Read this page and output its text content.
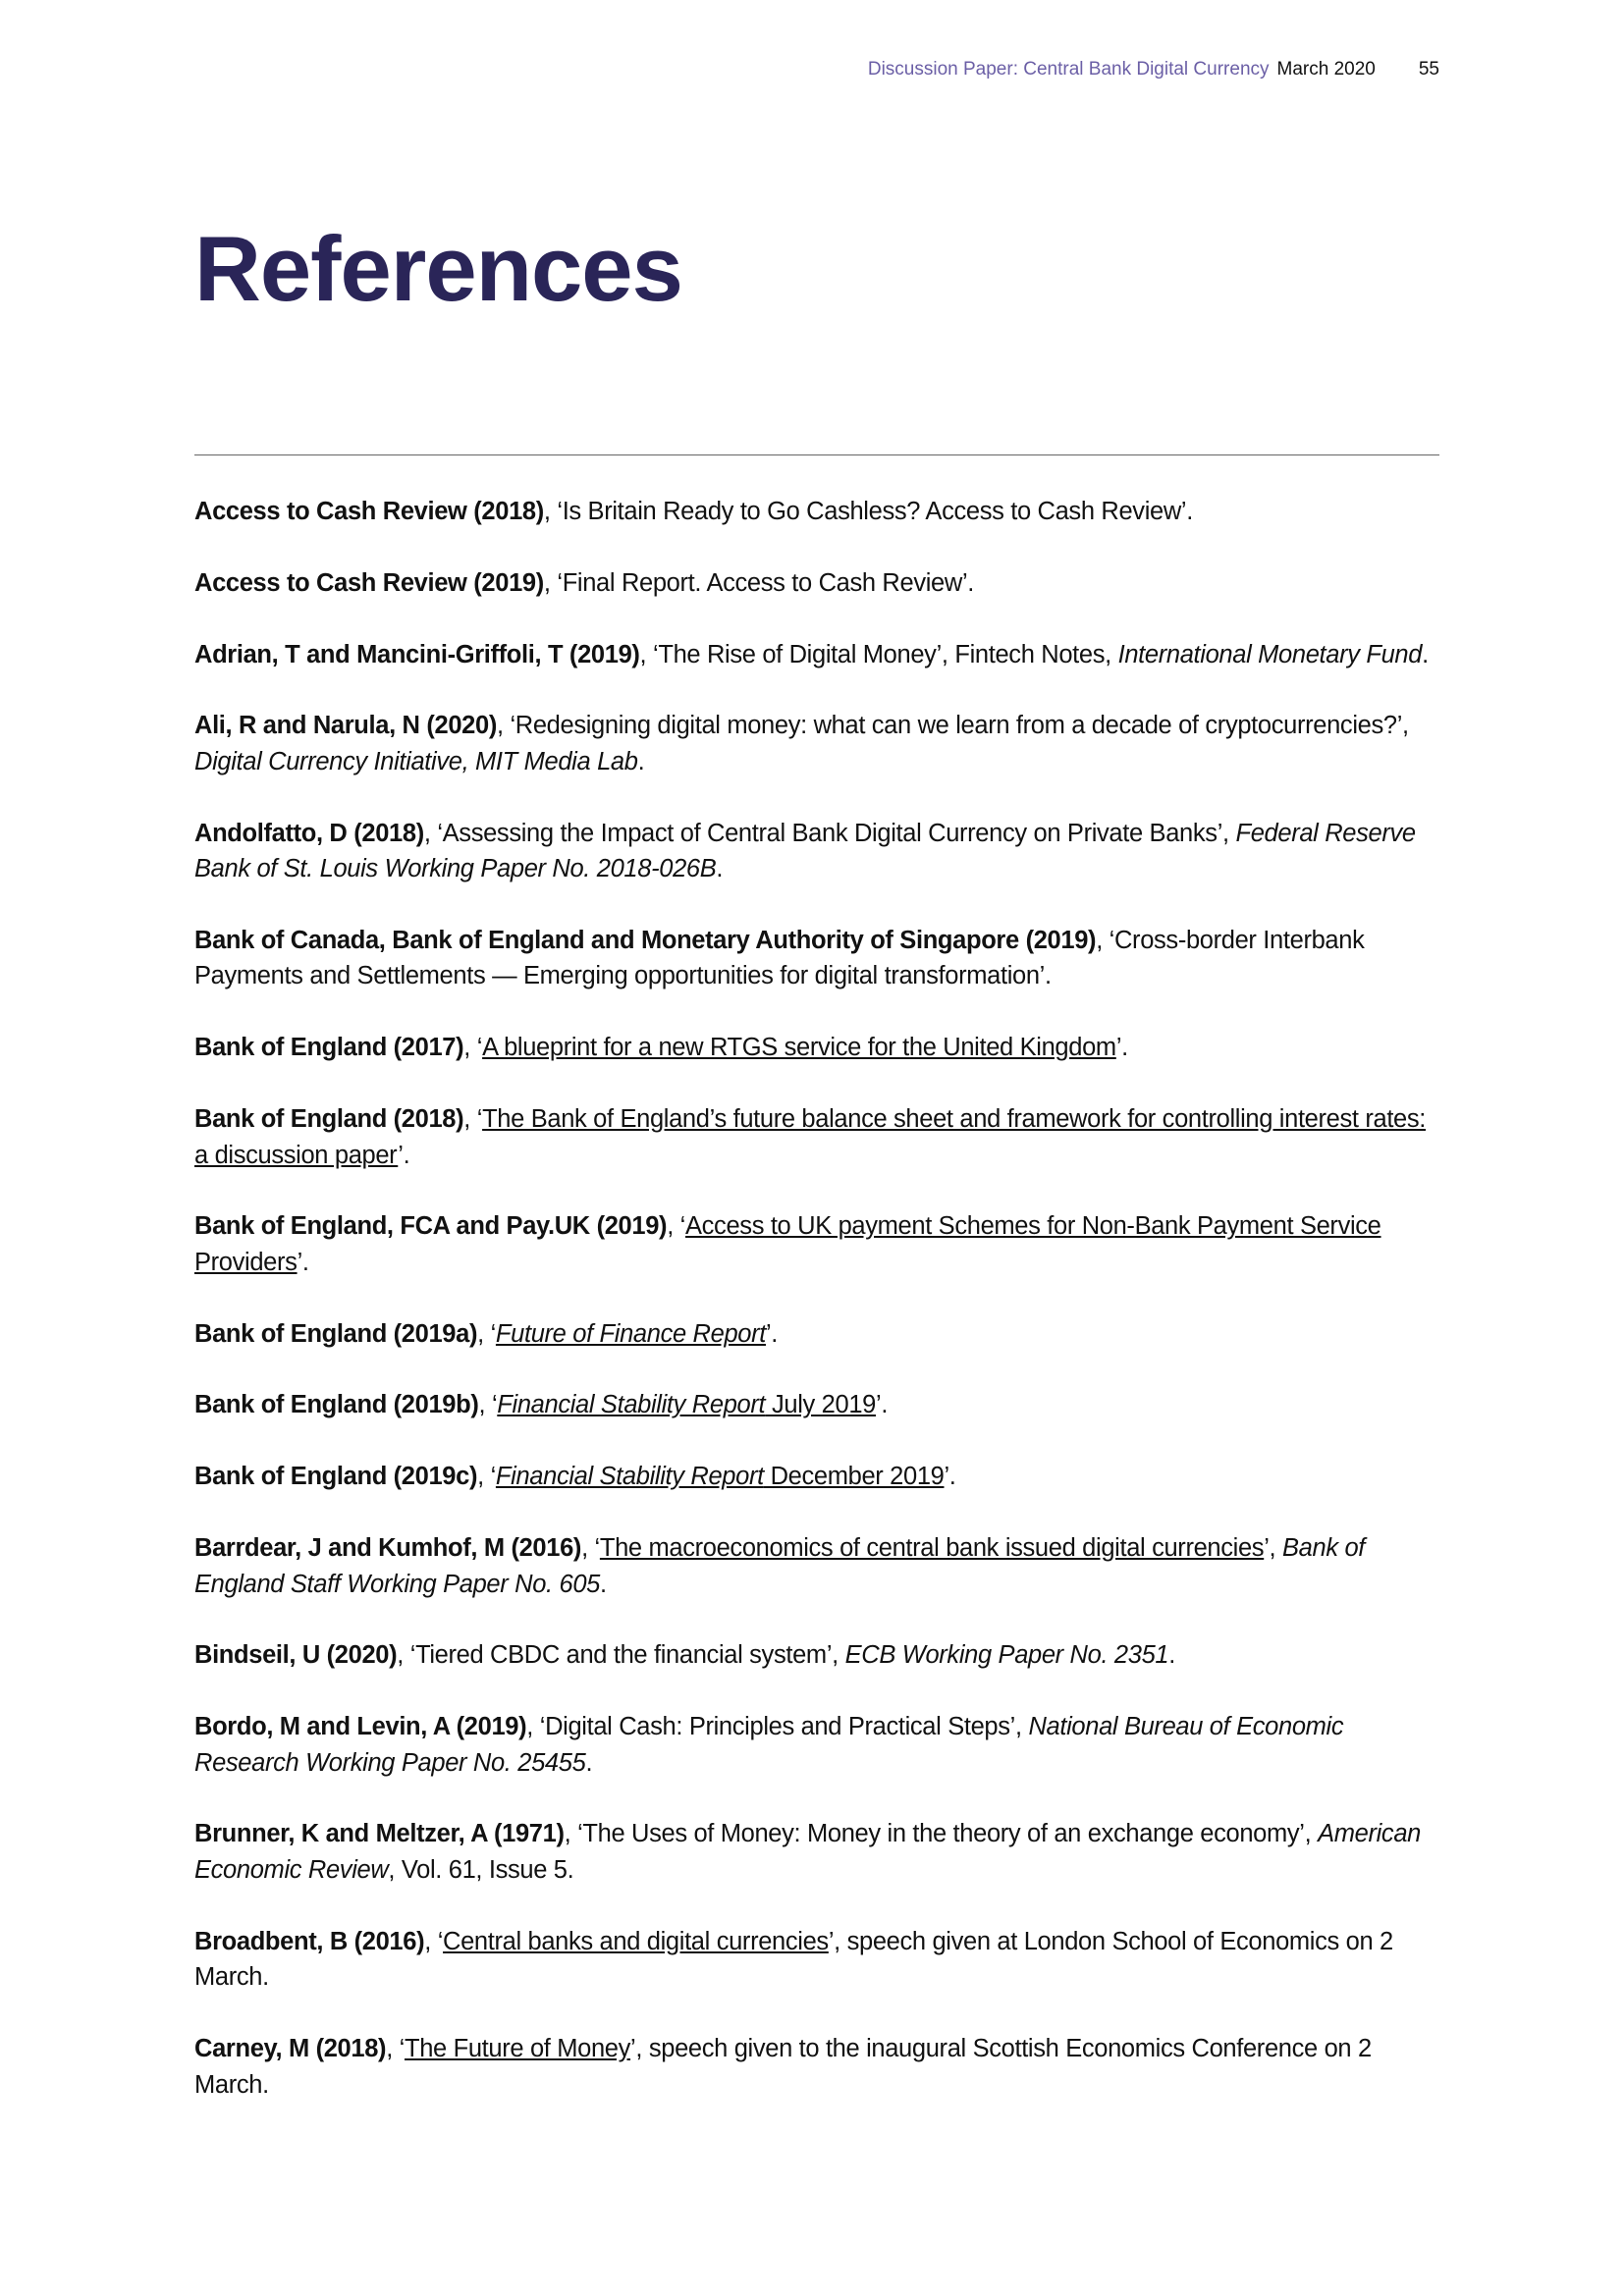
Discussion Paper: Central Bank Digital Currency March 2020 55
References

Access to Cash Review (2018), ‘Is Britain Ready to Go Cashless? Access to Cash Review’.

Access to Cash Review (2019), ‘Final Report. Access to Cash Review’.

Adrian, T and Mancini-Griffoli, T (2019), ‘The Rise of Digital Money’, Fintech Notes, International Monetary Fund.

Ali, R and Narula, N (2020), ‘Redesigning digital money: what can we learn from a decade of cryptocurrencies?’, Digital Currency Initiative, MIT Media Lab.

Andolfatto, D (2018), ‘Assessing the Impact of Central Bank Digital Currency on Private Banks’, Federal Reserve Bank of St. Louis Working Paper No. 2018-026B.

Bank of Canada, Bank of England and Monetary Authority of Singapore (2019), ‘Cross-border Interbank Payments and Settlements — Emerging opportunities for digital transformation’.

Bank of England (2017), ‘A blueprint for a new RTGS service for the United Kingdom’.

Bank of England (2018), ‘The Bank of England’s future balance sheet and framework for controlling interest rates: a discussion paper’.

Bank of England, FCA and Pay.UK (2019), ‘Access to UK payment Schemes for Non-Bank Payment Service Providers’.

Bank of England (2019a), ‘Future of Finance Report’.

Bank of England (2019b), ‘Financial Stability Report July 2019’.

Bank of England (2019c), ‘Financial Stability Report December 2019’.

Barrdear, J and Kumhof, M (2016), ‘The macroeconomics of central bank issued digital currencies’, Bank of England Staff Working Paper No. 605.

Bindseil, U (2020), ‘Tiered CBDC and the financial system’, ECB Working Paper No. 2351.

Bordo, M and Levin, A (2019), ‘Digital Cash: Principles and Practical Steps’, National Bureau of Economic Research Working Paper No. 25455.

Brunner, K and Meltzer, A (1971), ‘The Uses of Money: Money in the theory of an exchange economy’, American Economic Review, Vol. 61, Issue 5.

Broadbent, B (2016), ‘Central banks and digital currencies’, speech given at London School of Economics on 2 March.

Carney, M (2018), ‘The Future of Money’, speech given to the inaugural Scottish Economics Conference on 2 March.
